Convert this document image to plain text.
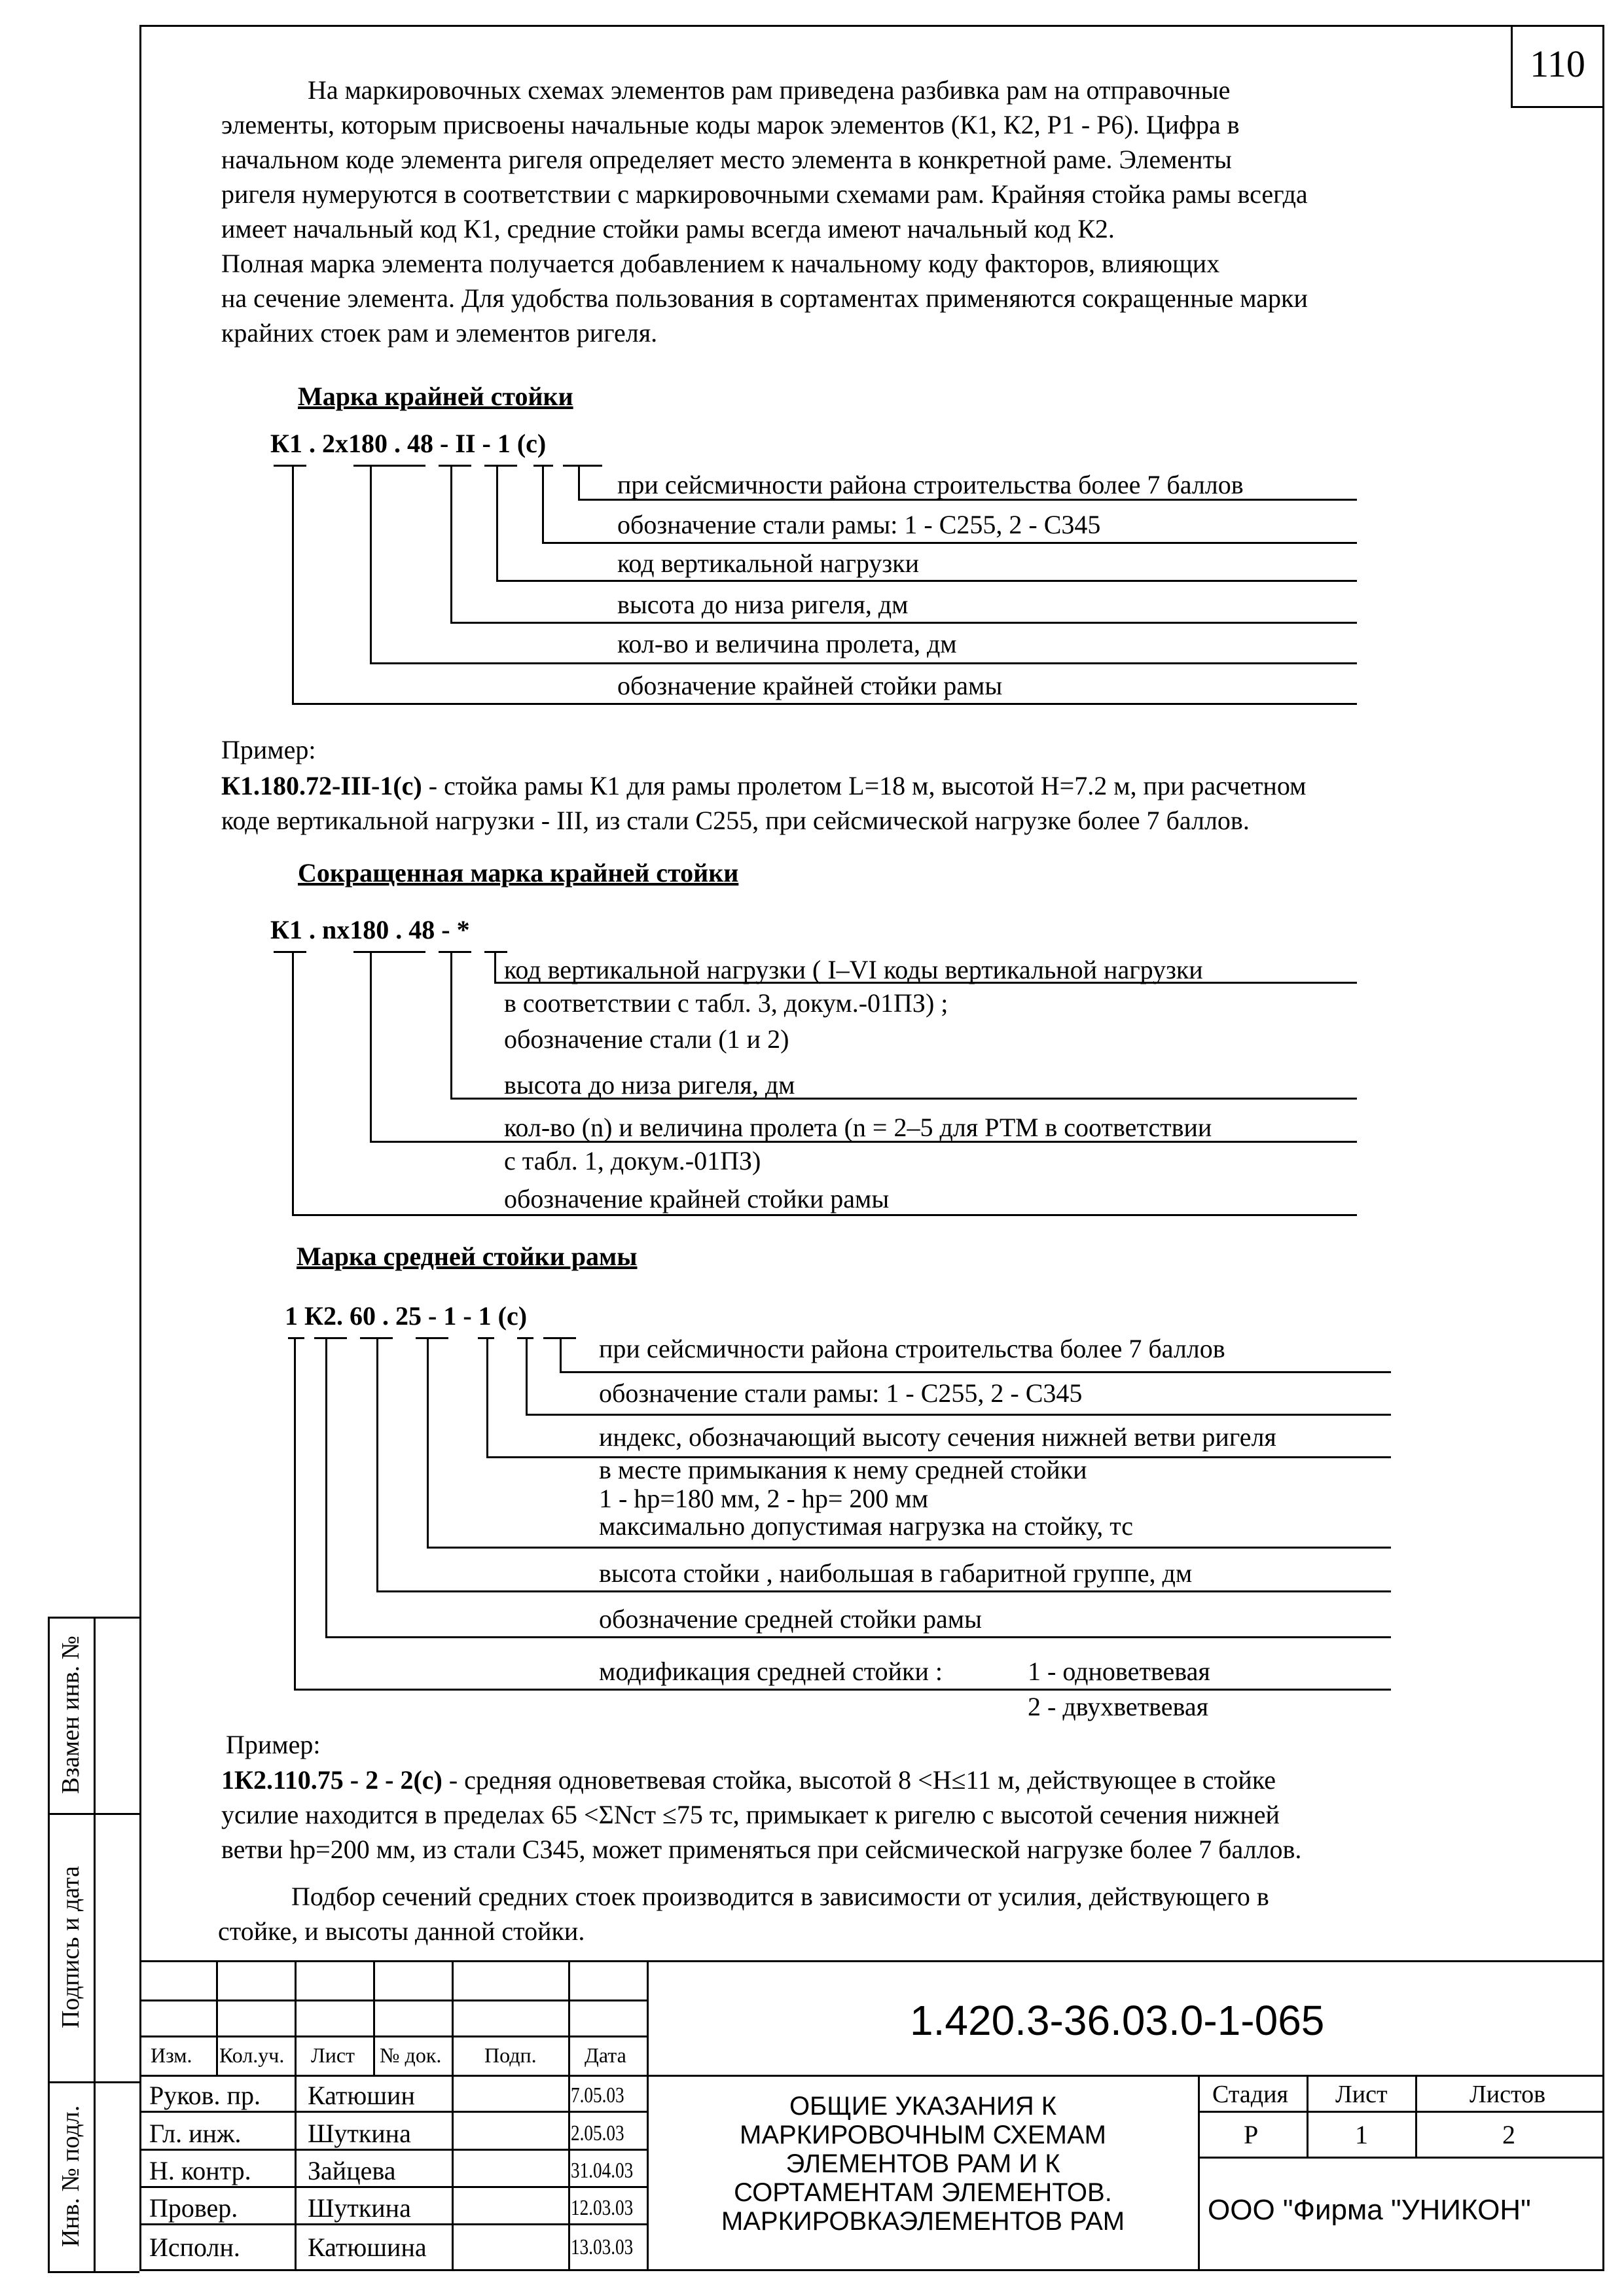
110
Взамен инв. №
Подпись и дата
Инв. № подл.
На маркировочных схемах элементов рам приведена разбивка рам на отправочные
элементы, которым присвоены начальные коды марок элементов (К1, К2, Р1 - Р6). Цифра в
начальном коде элемента ригеля определяет место элемента в конкретной раме. Элементы
ригеля нумеруются в соответствии с маркировочными схемами рам. Крайняя стойка рамы всегда
имеет начальный код К1, средние стойки рамы всегда имеют начальный код К2.
Полная марка элемента получается добавлением к начальному коду факторов, влияющих
на сечение элемента. Для удобства пользования в сортаментах применяются сокращенные марки
крайних стоек рам и элементов ригеля.
Марка крайней стойки
К1 . 2x180 . 48 - II - 1 (с)
при сейсмичности района строительства более 7 баллов
обозначение стали рамы: 1 - С255, 2 - С345
код вертикальной нагрузки
высота до низа ригеля, дм
кол-во и величина пролета, дм
обозначение крайней стойки рамы
Пример:
К1.180.72-III-1(с) - стойка рамы К1 для рамы пролетом L=18 м, высотой Н=7.2 м, при расчетном
коде вертикальной нагрузки - III, из стали С255, при сейсмической нагрузке более 7 баллов.
Сокращенная марка крайней стойки
К1 . nx180 . 48 - *
код вертикальной нагрузки ( I–VI коды вертикальной нагрузки
в соответствии с табл. 3, докум.-01ПЗ) ;
обозначение стали (1 и 2)
высота до низа ригеля, дм
кол-во (n) и величина пролета (n = 2–5 для РТМ в соответствии
с табл. 1, докум.-01ПЗ)
обозначение крайней стойки рамы
Марка средней стойки рамы
1 К2. 60 . 25 - 1 - 1 (с)
при сейсмичности района строительства более 7 баллов
обозначение стали рамы: 1 - С255, 2 - С345
индекс, обозначающий высоту сечения нижней ветви ригеля
в месте примыкания к нему средней стойки
1 - hр=180 мм, 2 - hр= 200 мм
максимально допустимая нагрузка на стойку, тс
высота стойки , наибольшая в габаритной группе, дм
обозначение средней стойки рамы
модификация средней стойки :	1 - одноветвевая
2 - двухветвевая
Пример:
1К2.110.75 - 2 - 2(с) - средняя одноветвевая стойка, высотой 8 <Н≤11 м, действующее в стойке
усилие находится в пределах 65 <ΣNст ≤75 тс, примыкает к ригелю с высотой сечения нижней
ветви hр=200 мм, из стали С345, может применяться при сейсмической нагрузке более 7 баллов.
Подбор сечений средних стоек производится в зависимости от усилия, действующего в
стойке, и высоты данной стойки.
Изм. Кол.уч. Лист № док. Подп. Дата
Руков. пр. Катюшин	7.05.03
Гл. инж.	Шуткина	2.05.03
Н. контр. Зайцева	31.04.03
Провер.	Шуткина	12.03.03
Исполн.	Катюшина	13.03.03
1.420.3-36.03.0-1-065
ОБЩИЕ УКАЗАНИЯ К
МАРКИРОВОЧНЫМ СХЕМАМ
ЭЛЕМЕНТОВ РАМ И К
СОРТАМЕНТАМ ЭЛЕМЕНТОВ.
МАРКИРОВКАЭЛЕМЕНТОВ РАМ
Стадия Лист	Листов
Р	1	2
ООО "Фирма "УНИКОН"
